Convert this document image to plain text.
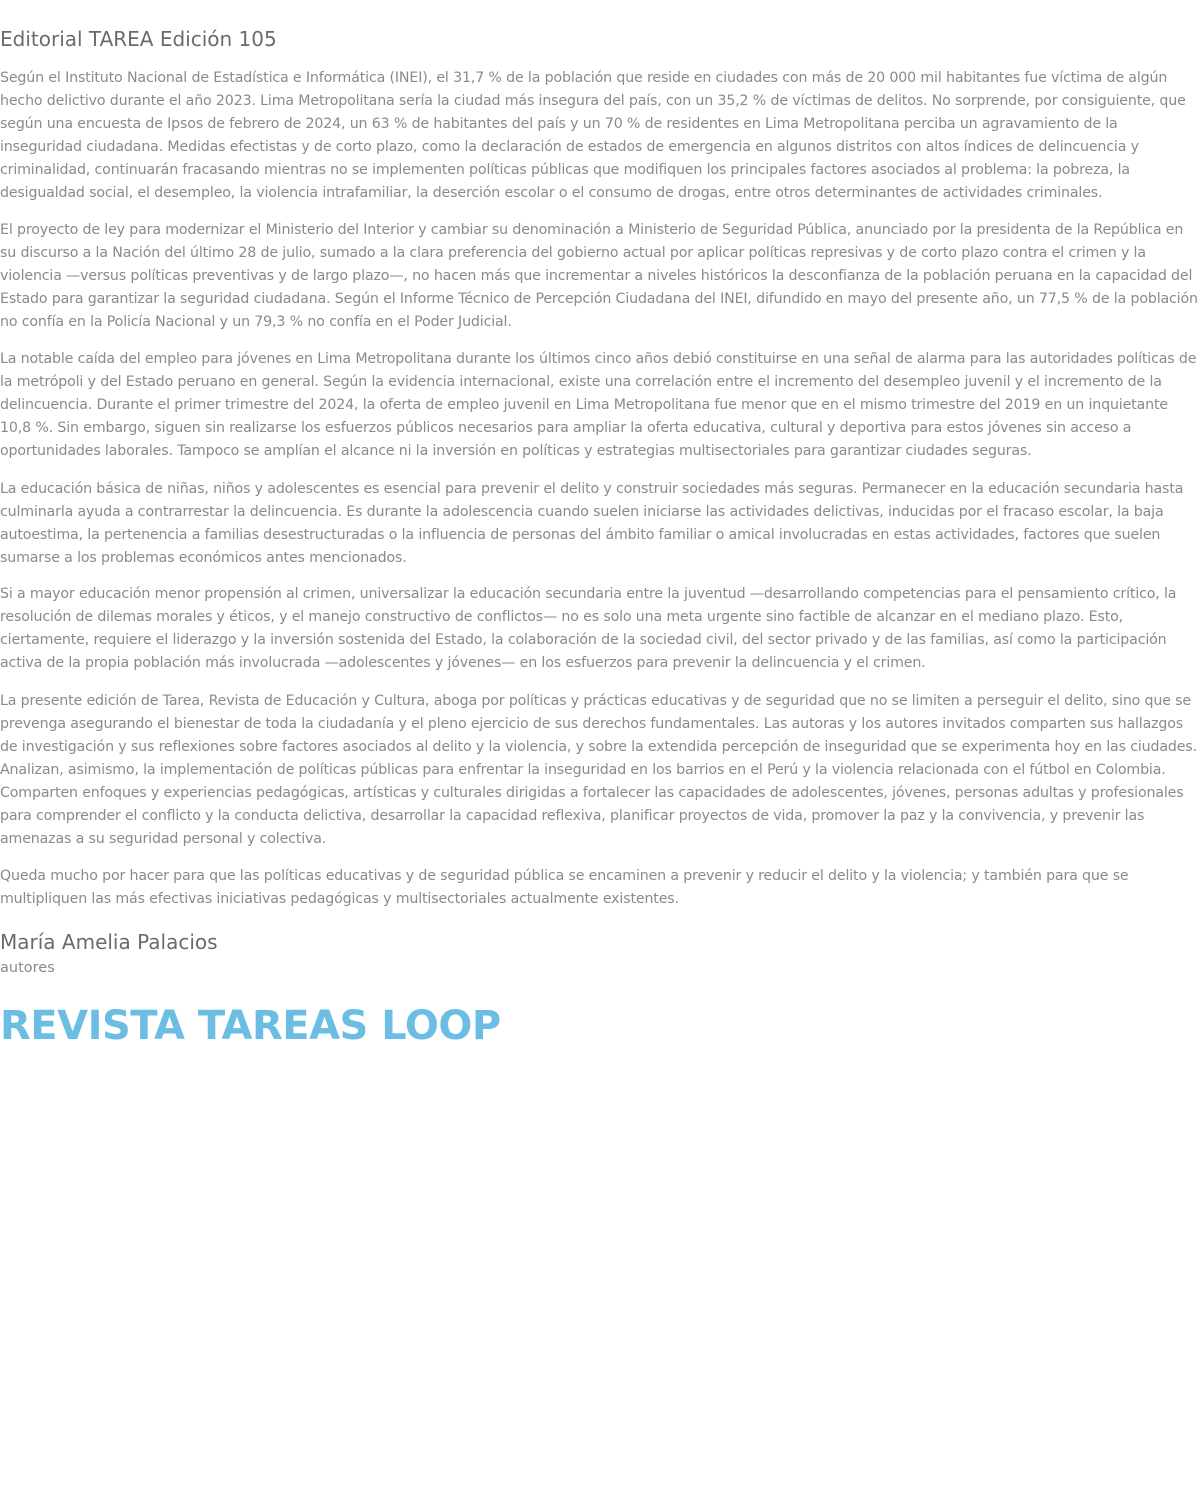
Editorial TAREA Edición 105

Según el Instituto Nacional de Estadística e Informática (INEI), el 31,7 % de la población que reside en ciudades con más de 20 000 mil habitantes fue víctima de algún hecho delictivo durante el año 2023. Lima Metropolitana sería la ciudad más insegura del país, con un 35,2 % de víctimas de delitos. No sorprende, por consiguiente, que según una encuesta de Ipsos de febrero de 2024, un 63 % de habitantes del país y un 70 % de residentes en Lima Metropolitana perciba un agravamiento de la inseguridad ciudadana. Medidas efectistas y de corto plazo, como la declaración de estados de emergencia en algunos distritos con altos índices de delincuencia y criminalidad, continuarán fracasando mientras no se implementen políticas públicas que modifiquen los principales factores asociados al problema: la pobreza, la desigualdad social, el desempleo, la violencia intrafamiliar, la deserción escolar o el consumo de drogas, entre otros determinantes de actividades criminales.

El proyecto de ley para modernizar el Ministerio del Interior y cambiar su denominación a Ministerio de Seguridad Pública, anunciado por la presidenta de la República en su discurso a la Nación del último 28 de julio, sumado a la clara preferencia del gobierno actual por aplicar políticas represivas y de corto plazo contra el crimen y la violencia —versus políticas preventivas y de largo plazo—, no hacen más que incrementar a niveles históricos la desconfianza de la población peruana en la capacidad del Estado para garantizar la seguridad ciudadana. Según el Informe Técnico de Percepción Ciudadana del INEI, difundido en mayo del presente año, un 77,5 % de la población no confía en la Policía Nacional y un 79,3 % no confía en el Poder Judicial.

La notable caída del empleo para jóvenes en Lima Metropolitana durante los últimos cinco años debió constituirse en una señal de alarma para las autoridades políticas de la metrópoli y del Estado peruano en general. Según la evidencia internacional, existe una correlación entre el incremento del desempleo juvenil y el incremento de la delincuencia. Durante el primer trimestre del 2024, la oferta de empleo juvenil en Lima Metropolitana fue menor que en el mismo trimestre del 2019 en un inquietante 10,8 %. Sin embargo, siguen sin realizarse los esfuerzos públicos necesarios para ampliar la oferta educativa, cultural y deportiva para estos jóvenes sin acceso a oportunidades laborales. Tampoco se amplían el alcance ni la inversión en políticas y estrategias multisectoriales para garantizar ciudades seguras.

La educación básica de niñas, niños y adolescentes es esencial para prevenir el delito y construir sociedades más seguras. Permanecer en la educación secundaria hasta culminarla ayuda a contrarrestar la delincuencia. Es durante la adolescencia cuando suelen iniciarse las actividades delictivas, inducidas por el fracaso escolar, la baja autoestima, la pertenencia a familias desestructuradas o la influencia de personas del ámbito familiar o amical involucradas en estas actividades, factores que suelen sumarse a los problemas económicos antes mencionados.

Si a mayor educación menor propensión al crimen, universalizar la educación secundaria entre la juventud —desarrollando competencias para el pensamiento crítico, la resolución de dilemas morales y éticos, y el manejo constructivo de conflictos— no es solo una meta urgente sino factible de alcanzar en el mediano plazo. Esto, ciertamente, requiere el liderazgo y la inversión sostenida del Estado, la colaboración de la sociedad civil, del sector privado y de las familias, así como la participación activa de la propia población más involucrada —adolescentes y jóvenes— en los esfuerzos para prevenir la delincuencia y el crimen.

La presente edición de Tarea, Revista de Educación y Cultura, aboga por políticas y prácticas educativas y de seguridad que no se limiten a perseguir el delito, sino que se prevenga asegurando el bienestar de toda la ciudadanía y el pleno ejercicio de sus derechos fundamentales. Las autoras y los autores invitados comparten sus hallazgos de investigación y sus reflexiones sobre factores asociados al delito y la violencia, y sobre la extendida percepción de inseguridad que se experimenta hoy en las ciudades. Analizan, asimismo, la implementación de políticas públicas para enfrentar la inseguridad en los barrios en el Perú y la violencia relacionada con el fútbol en Colombia. Comparten enfoques y experiencias pedagógicas, artísticas y culturales dirigidas a fortalecer las capacidades de adolescentes, jóvenes, personas adultas y profesionales para comprender el conflicto y la conducta delictiva, desarrollar la capacidad reflexiva, planificar proyectos de vida, promover la paz y la convivencia, y prevenir las amenazas a su seguridad personal y colectiva.

Queda mucho por hacer para que las políticas educativas y de seguridad pública se encaminen a prevenir y reducir el delito y la violencia; y también para que se multipliquen las más efectivas iniciativas pedagógicas y multisectoriales actualmente existentes.

María Amelia Palacios
autores
REVISTA TAREAS LOOP
